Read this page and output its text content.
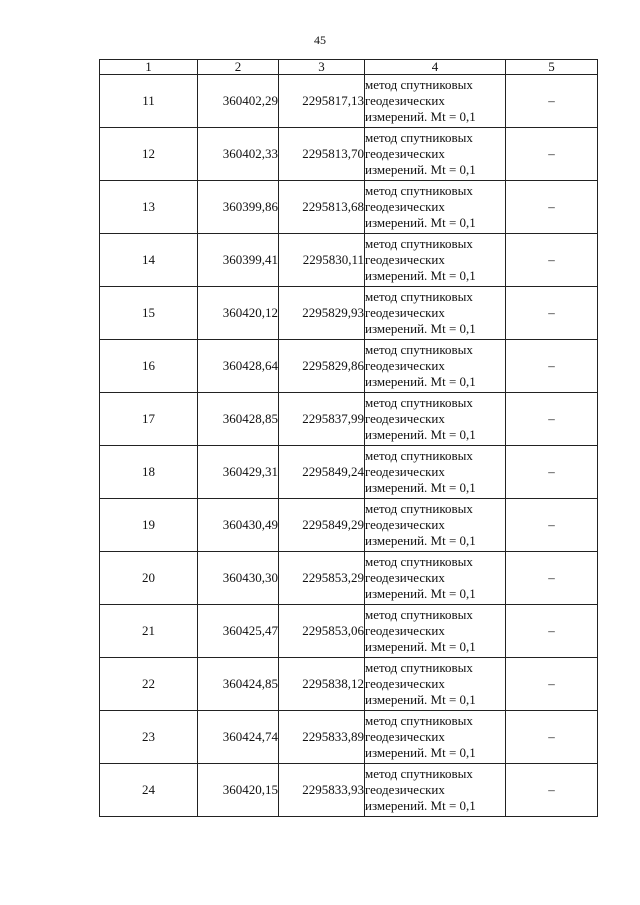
45
1	2	3	4	5
11	360402,29	2295817,13	метод спутниковых
геодезических
измерений. Mt = 0,1	–
12	360402,33	2295813,70	метод спутниковых
геодезических
измерений. Mt = 0,1	–
13	360399,86	2295813,68	метод спутниковых
геодезических
измерений. Mt = 0,1	–
14	360399,41	2295830,11	метод спутниковых
геодезических
измерений. Mt = 0,1	–
15	360420,12	2295829,93	метод спутниковых
геодезических
измерений. Mt = 0,1	–
16	360428,64	2295829,86	метод спутниковых
геодезических
измерений. Mt = 0,1	–
17	360428,85	2295837,99	метод спутниковых
геодезических
измерений. Mt = 0,1	–
18	360429,31	2295849,24	метод спутниковых
геодезических
измерений. Mt = 0,1	–
19	360430,49	2295849,29	метод спутниковых
геодезических
измерений. Mt = 0,1	–
20	360430,30	2295853,29	метод спутниковых
геодезических
измерений. Mt = 0,1	–
21	360425,47	2295853,06	метод спутниковых
геодезических
измерений. Mt = 0,1	–
22	360424,85	2295838,12	метод спутниковых
геодезических
измерений. Mt = 0,1	–
23	360424,74	2295833,89	метод спутниковых
геодезических
измерений. Mt = 0,1	–
24	360420,15	2295833,93	метод спутниковых
геодезических
измерений. Mt = 0,1	–
